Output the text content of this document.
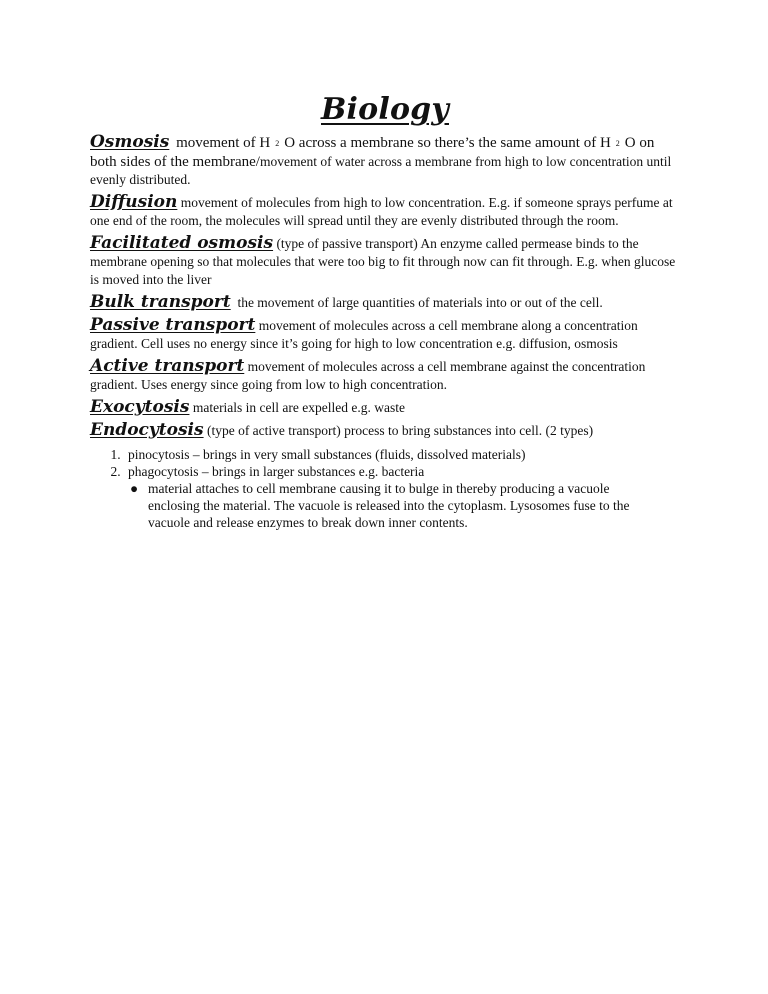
Biology

Osmosis movement of H 2 O across a membrane so there’s the same amount of H 2 O on both sides of the membrane/movement of water across a membrane from high to low concentration until evenly distributed.

Diffusion movement of molecules from high to low concentration. E.g. if someone sprays perfume at one end of the room, the molecules will spread until they are evenly distributed through the room.

Facilitated osmosis (type of passive transport) An enzyme called permease binds to the membrane opening so that molecules that were too big to fit through now can fit through. E.g. when glucose is moved into the liver

Bulk transport the movement of large quantities of materials into or out of the cell.

Passive transport movement of molecules across a cell membrane along a concentration gradient. Cell uses no energy since it’s going for high to low concentration e.g. diffusion, osmosis

Active transport movement of molecules across a cell membrane against the concentration gradient. Uses energy since going from low to high concentration.

Exocytosis materials in cell are expelled e.g. waste

Endocytosis (type of active transport) process to bring substances into cell. (2 types)

1. pinocytosis – brings in very small substances (fluids, dissolved materials)
2. phagocytosis – brings in larger substances e.g. bacteria
● material attaches to cell membrane causing it to bulge in thereby producing a vacuole enclosing the material. The vacuole is released into the cytoplasm. Lysosomes fuse to the vacuole and release enzymes to break down inner contents.
